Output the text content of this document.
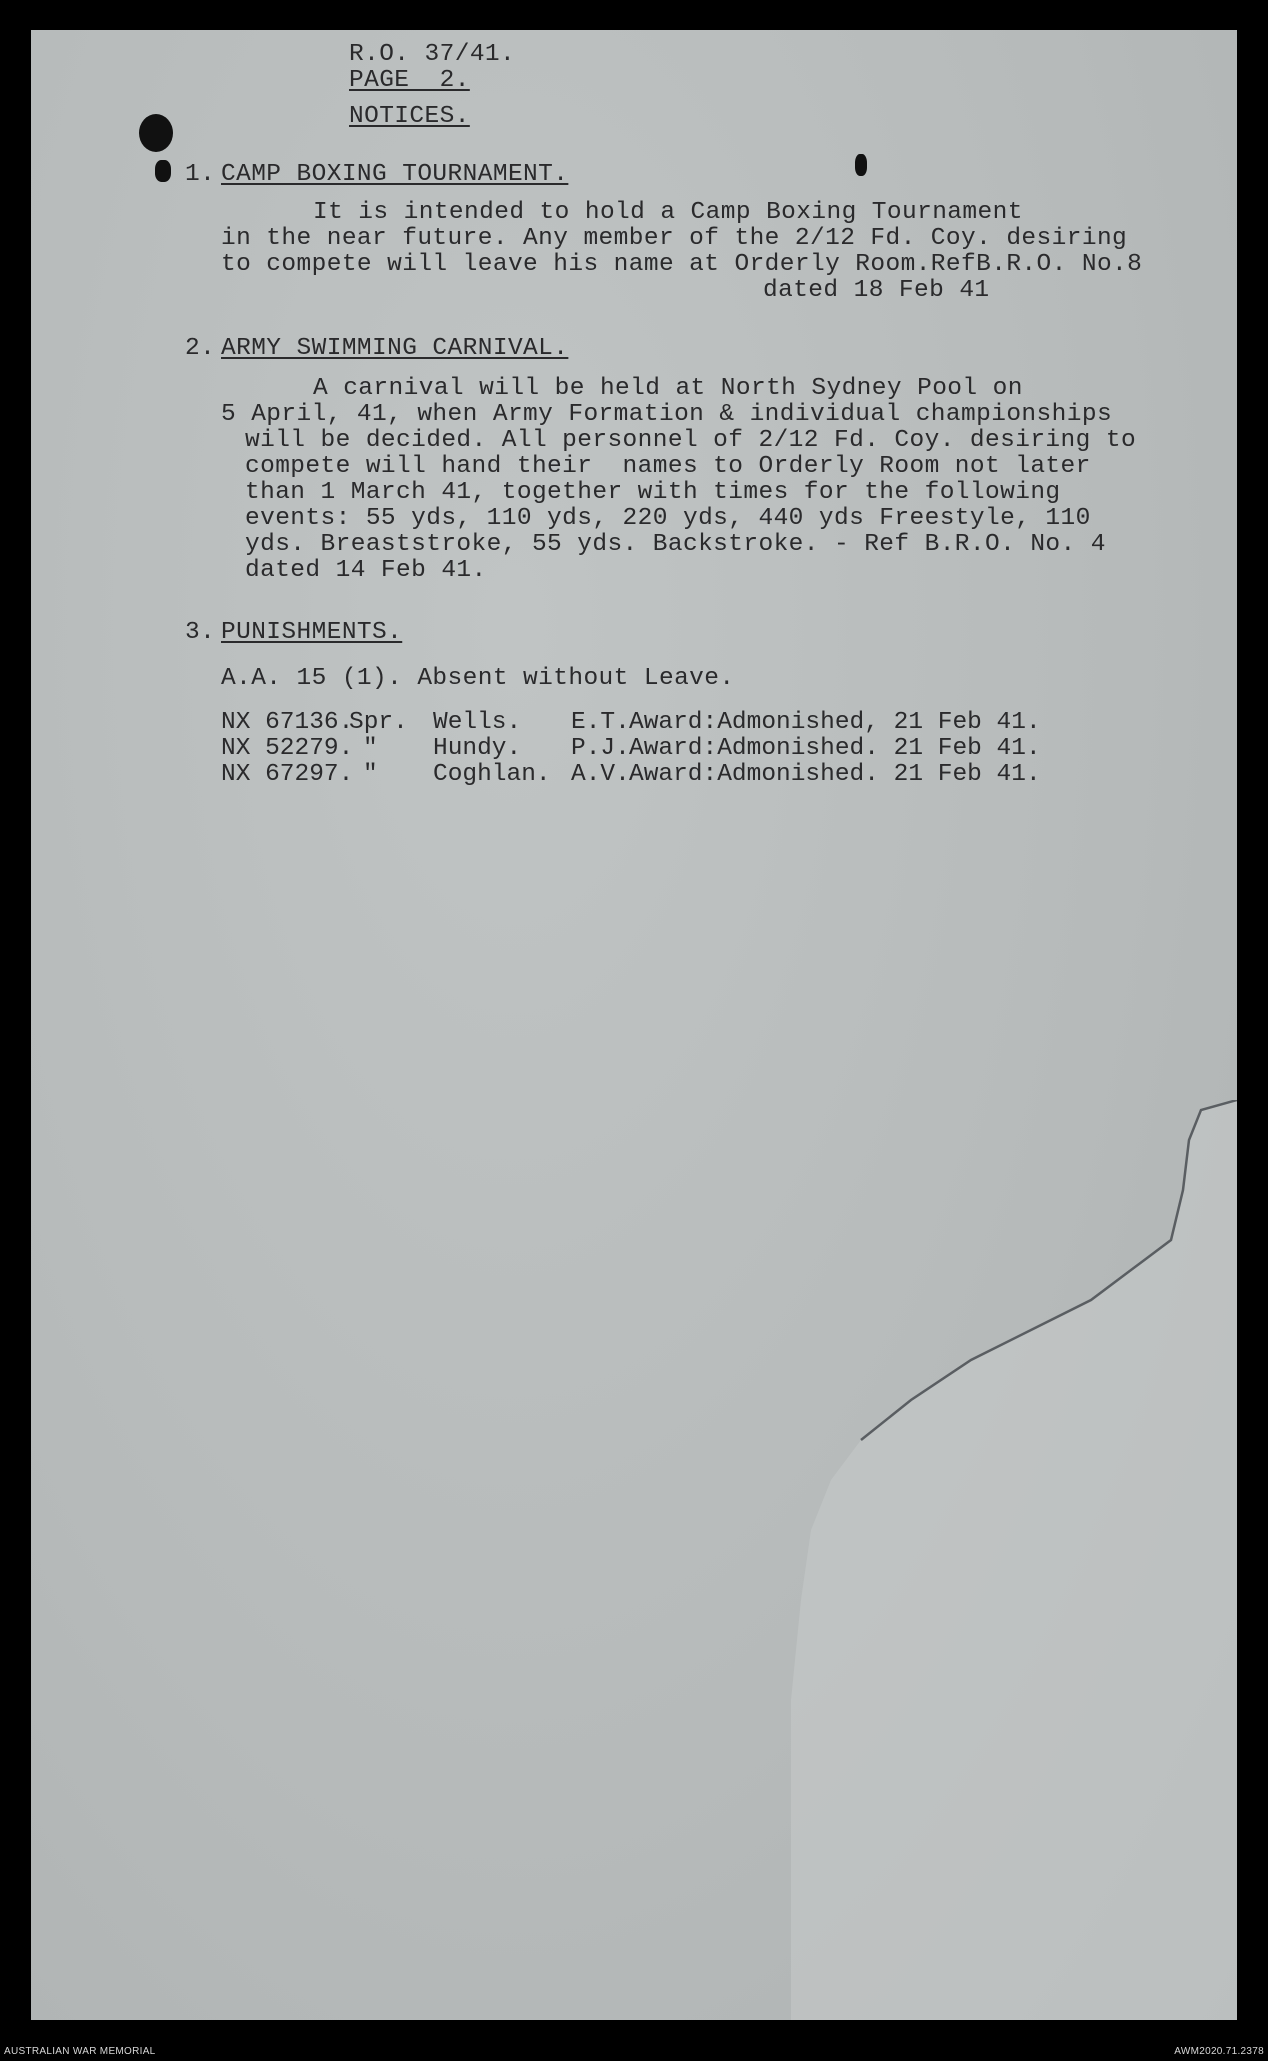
R.O. 37/41.
PAGE  2.
NOTICES.
1. CAMP BOXING TOURNAMENT.
It is intended to hold a Camp Boxing Tournament
in the near future. Any member of the 2/12 Fd. Coy. desiring
to compete will leave his name at Orderly Room.RefB.R.O. No.8
dated 18 Feb 41
2. ARMY SWIMMING CARNIVAL.
A carnival will be held at North Sydney Pool on
5 April, 41, when Army Formation & individual championships
will be decided. All personnel of 2/12 Fd. Coy. desiring to
compete will hand their  names to Orderly Room not later
than 1 March 41, together with times for the following
events: 55 yds, 110 yds, 220 yds, 440 yds Freestyle, 110
yds. Breaststroke, 55 yds. Backstroke. - Ref B.R.O. No. 4
dated 14 Feb 41.
3. PUNISHMENTS.
A.A. 15 (1). Absent without Leave.
NX 67136.
Spr. Wells. E.T. Award:Admonished, 21 Feb 41.
NX 52279. " Hundy. P.J. Award:Admonished. 21 Feb 41.
NX 67297. " Coghlan. A.V. Award:Admonished. 21 Feb 41.
AUSTRALIAN WAR MEMORIAL	AWM2020.71.2378
